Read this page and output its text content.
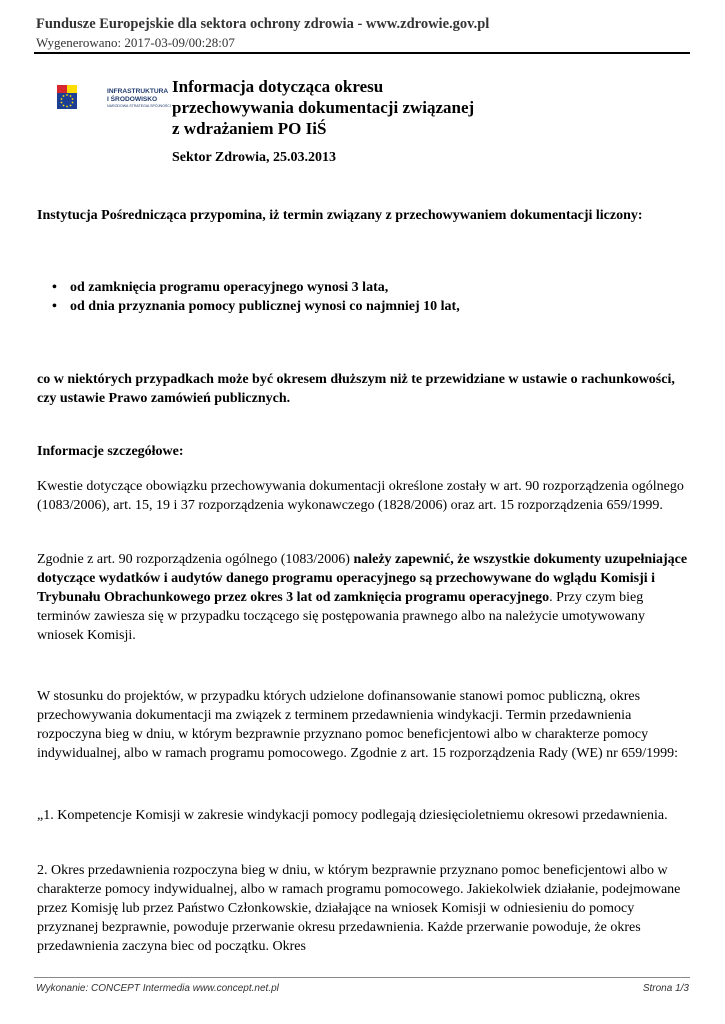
Fundusze Europejskie dla sektora ochrony zdrowia - www.zdrowie.gov.pl
Wygenerowano: 2017-03-09/00:28:07
INFRASTRUKTURA
I ŚRODOWISKO
NARODOWA STRATEGIA SPÓJNOŚCI
Informacja dotycząca okresu
przechowywania dokumentacji związanej
z wdrażaniem PO IiŚ
Sektor Zdrowia, 25.03.2013
Instytucja Pośrednicząca przypomina, iż termin związany z przechowywaniem dokumentacji liczony:
• od zamknięcia programu operacyjnego wynosi 3 lata,
• od dnia przyznania pomocy publicznej wynosi co najmniej 10 lat,
co w niektórych przypadkach może być okresem dłuższym niż te przewidziane w ustawie o rachunkowości, czy ustawie Prawo zamówień publicznych.
Informacje szczegółowe:
Kwestie dotyczące obowiązku przechowywania dokumentacji określone zostały w art. 90 rozporządzenia ogólnego (1083/2006), art. 15, 19 i 37 rozporządzenia wykonawczego (1828/2006) oraz art. 15 rozporządzenia 659/1999.
Zgodnie z art. 90 rozporządzenia ogólnego (1083/2006) należy zapewnić, że wszystkie dokumenty uzupełniające dotyczące wydatków i audytów danego programu operacyjnego są przechowywane do wglądu Komisji i Trybunału Obrachunkowego przez okres 3 lat od zamknięcia programu operacyjnego. Przy czym bieg terminów zawiesza się w przypadku toczącego się postępowania prawnego albo na należycie umotywowany wniosek Komisji.
W stosunku do projektów, w przypadku których udzielone dofinansowanie stanowi pomoc publiczną, okres przechowywania dokumentacji ma związek z terminem przedawnienia windykacji. Termin przedawnienia rozpoczyna bieg w dniu, w którym bezprawnie przyznano pomoc beneficjentowi albo w charakterze pomocy indywidualnej, albo w ramach programu pomocowego. Zgodnie z art. 15 rozporządzenia Rady (WE) nr 659/1999:
„1. Kompetencje Komisji w zakresie windykacji pomocy podlegają dziesięcioletniemu okresowi przedawnienia.
2. Okres przedawnienia rozpoczyna bieg w dniu, w którym bezprawnie przyznano pomoc beneficjentowi albo w charakterze pomocy indywidualnej, albo w ramach programu pomocowego. Jakiekolwiek działanie, podejmowane przez Komisję lub przez Państwo Członkowskie, działające na wniosek Komisji w odniesieniu do pomocy przyznanej bezprawnie, powoduje przerwanie okresu przedawnienia. Każde przerwanie powoduje, że okres przedawnienia zaczyna biec od początku. Okres
Wykonanie: CONCEPT Intermedia www.concept.net.pl	Strona 1/3
